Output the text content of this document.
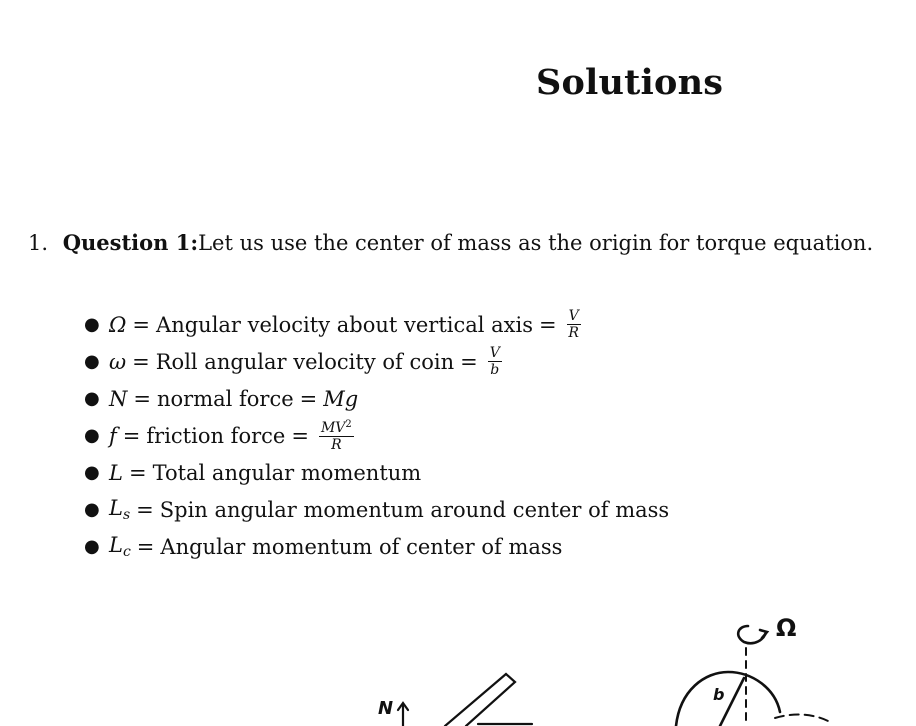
Solutions
1. Question 1:Let us use the center of mass as the origin for torque equation.
● Ω = Angular velocity about vertical axis = $\frac{V}{R}$
● ω = Roll angular velocity of coin = $\frac{V}{b}$
● N = normal force = Mg
● f = friction force = $\frac{MV^2}{R}$
● L = Total angular momentum
● $L_s$ = Spin angular momentum around center of mass
● $L_c$ = Angular momentum of center of mass
N
Ω
b
